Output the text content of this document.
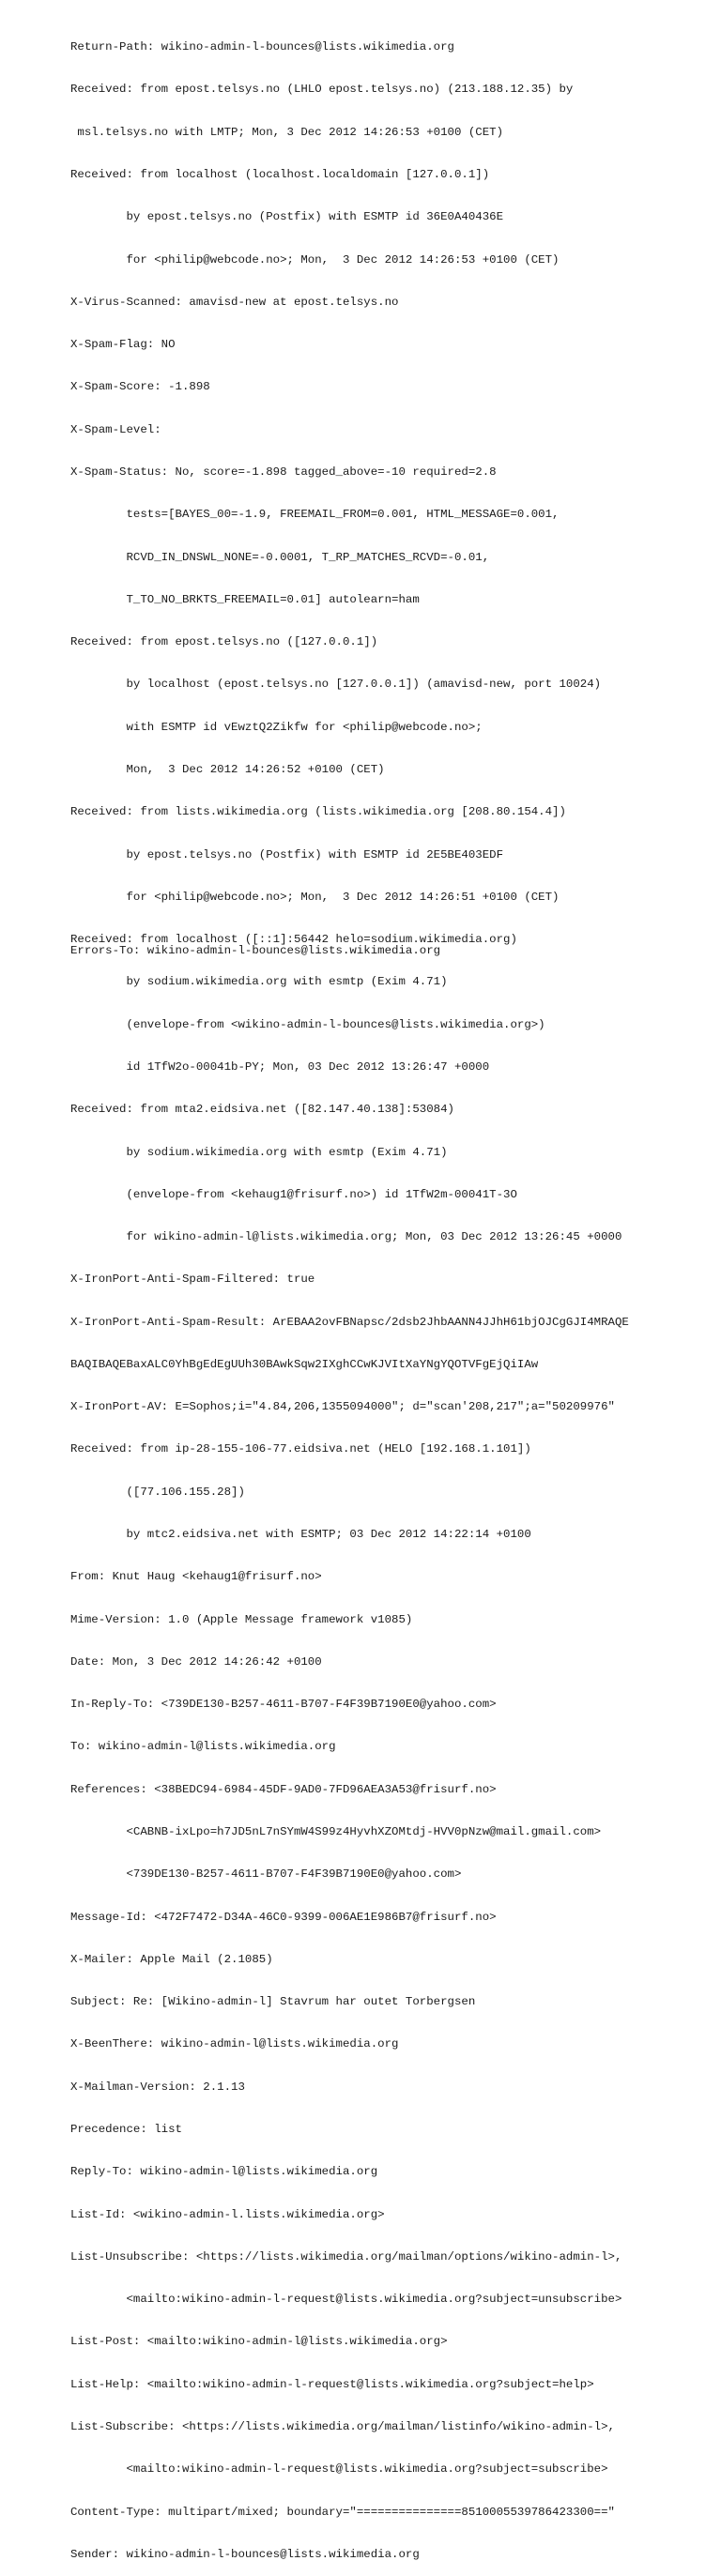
Return-Path: wikino-admin-l-bounces@lists.wikimedia.org

Received: from epost.telsys.no (LHLO epost.telsys.no) (213.188.12.35) by

msl.telsys.no with LMTP; Mon, 3 Dec 2012 14:26:53 +0100 (CET)

Received: from localhost (localhost.localdomain [127.0.0.1])

by epost.telsys.no (Postfix) with ESMTP id 36E0A40436E

for <philip@webcode.no>; Mon,  3 Dec 2012 14:26:53 +0100 (CET)

X-Virus-Scanned: amavisd-new at epost.telsys.no

X-Spam-Flag: NO

X-Spam-Score: -1.898

X-Spam-Level:

X-Spam-Status: No, score=-1.898 tagged_above=-10 required=2.8

tests=[BAYES_00=-1.9, FREEMAIL_FROM=0.001, HTML_MESSAGE=0.001,

RCVD_IN_DNSWL_NONE=-0.0001, T_RP_MATCHES_RCVD=-0.01,

T_TO_NO_BRKTS_FREEMAIL=0.01] autolearn=ham

Received: from epost.telsys.no ([127.0.0.1])

by localhost (epost.telsys.no [127.0.0.1]) (amavisd-new, port 10024)

with ESMTP id vEwztQ2Zikfw for <philip@webcode.no>;

Mon,  3 Dec 2012 14:26:52 +0100 (CET)

Received: from lists.wikimedia.org (lists.wikimedia.org [208.80.154.4])

by epost.telsys.no (Postfix) with ESMTP id 2E5BE403EDF

for <philip@webcode.no>; Mon,  3 Dec 2012 14:26:51 +0100 (CET)

Received: from localhost ([::1]:56442 helo=sodium.wikimedia.org)

by sodium.wikimedia.org with esmtp (Exim 4.71)

(envelope-from <wikino-admin-l-bounces@lists.wikimedia.org>)

id 1TfW2o-00041b-PY; Mon, 03 Dec 2012 13:26:47 +0000

Received: from mta2.eidsiva.net ([82.147.40.138]:53084)

by sodium.wikimedia.org with esmtp (Exim 4.71)

(envelope-from <kehaug1@frisurf.no>) id 1TfW2m-00041T-3O

for wikino-admin-l@lists.wikimedia.org; Mon, 03 Dec 2012 13:26:45 +0000

X-IronPort-Anti-Spam-Filtered: true

X-IronPort-Anti-Spam-Result: ArEBAA2ovFBNapsc/2dsb2JhbAANN4JJhH61bjOJCgGJI4MRAQE

BAQIBAQEBaxALC0YhBgEdEgUUh30BAwkSqw2IXghCCwKJVItXaYNgYQOTVFgEjQiIAw

X-IronPort-AV: E=Sophos;i="4.84,206,1355094000"; d="scan'208,217";a="50209976"

Received: from ip-28-155-106-77.eidsiva.net (HELO [192.168.1.101])

([77.106.155.28])

by mtc2.eidsiva.net with ESMTP; 03 Dec 2012 14:22:14 +0100

From: Knut Haug <kehaug1@frisurf.no>

Mime-Version: 1.0 (Apple Message framework v1085)

Date: Mon, 3 Dec 2012 14:26:42 +0100

In-Reply-To: <739DE130-B257-4611-B707-F4F39B7190E0@yahoo.com>

To: wikino-admin-l@lists.wikimedia.org

References: <38BEDC94-6984-45DF-9AD0-7FD96AEA3A53@frisurf.no>

<CABNB-ixLpo=h7JD5nL7nSYmW4S99z4HyvhXZOMtdj-HVV0pNzw@mail.gmail.com>

<739DE130-B257-4611-B707-F4F39B7190E0@yahoo.com>

Message-Id: <472F7472-D34A-46C0-9399-006AE1E986B7@frisurf.no>

X-Mailer: Apple Mail (2.1085)

Subject: Re: [Wikino-admin-l] Stavrum har outet Torbergsen

X-BeenThere: wikino-admin-l@lists.wikimedia.org

X-Mailman-Version: 2.1.13

Precedence: list

Reply-To: wikino-admin-l@lists.wikimedia.org

List-Id: <wikino-admin-l.lists.wikimedia.org>

List-Unsubscribe: <https://lists.wikimedia.org/mailman/options/wikino-admin-l>,

<mailto:wikino-admin-l-request@lists.wikimedia.org?subject=unsubscribe>

List-Post: <mailto:wikino-admin-l@lists.wikimedia.org>

List-Help: <mailto:wikino-admin-l-request@lists.wikimedia.org?subject=help>

List-Subscribe: <https://lists.wikimedia.org/mailman/listinfo/wikino-admin-l>,

<mailto:wikino-admin-l-request@lists.wikimedia.org?subject=subscribe>

Content-Type: multipart/mixed; boundary="===============8510005539786423300=="

Sender: wikino-admin-l-bounces@lists.wikimedia.org

Errors-To: wikino-admin-l-bounces@lists.wikimedia.org
